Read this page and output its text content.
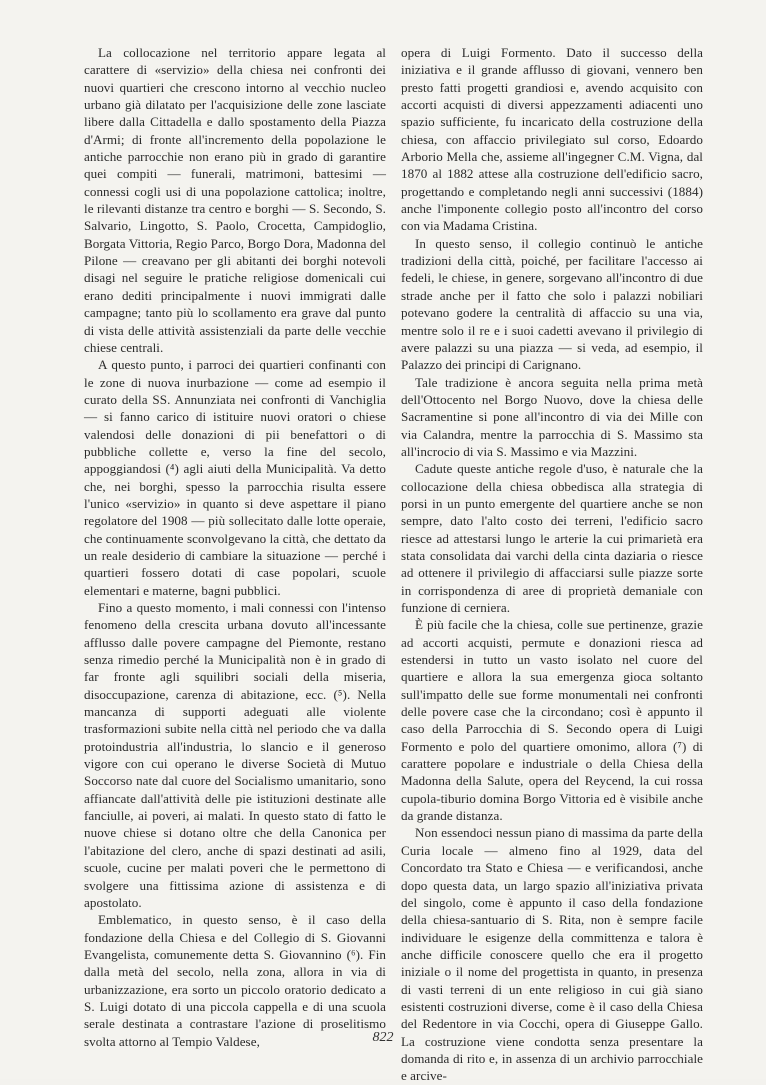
La collocazione nel territorio appare legata al carattere di «servizio» della chiesa nei confronti dei nuovi quartieri che crescono intorno al vecchio nucleo urbano già dilatato per l'acquisizione delle zone lasciate libere dalla Cittadella e dallo spostamento della Piazza d'Armi; di fronte all'incremento della popolazione le antiche parrocchie non erano più in grado di garantire quei compiti — funerali, matrimoni, battesimi — connessi cogli usi di una popolazione cattolica; inoltre, le rilevanti distanze tra centro e borghi — S. Secondo, S. Salvario, Lingotto, S. Paolo, Crocetta, Campidoglio, Borgata Vittoria, Regio Parco, Borgo Dora, Madonna del Pilone — creavano per gli abitanti dei borghi notevoli disagi nel seguire le pratiche religiose domenicali cui erano dediti principalmente i nuovi immigrati dalle campagne; tanto più lo scollamento era grave dal punto di vista delle attività assistenziali da parte delle vecchie chiese centrali.

A questo punto, i parroci dei quartieri confinanti con le zone di nuova inurbazione — come ad esempio il curato della SS. Annunziata nei confronti di Vanchiglia — si fanno carico di istituire nuovi oratori o chiese valendosi delle donazioni di pii benefattori o di pubbliche collette e, verso la fine del secolo, appoggiandosi (⁴) agli aiuti della Municipalità. Va detto che, nei borghi, spesso la parrocchia risulta essere l'unico «servizio» in quanto si deve aspettare il piano regolatore del 1908 — più sollecitato dalle lotte operaie, che continuamente sconvolgevano la città, che dettato da un reale desiderio di cambiare la situazione — perché i quartieri fossero dotati di case popolari, scuole elementari e materne, bagni pubblici.

Fino a questo momento, i mali connessi con l'intenso fenomeno della crescita urbana dovuto all'incessante afflusso dalle povere campagne del Piemonte, restano senza rimedio perché la Municipalità non è in grado di far fronte agli squilibri sociali della miseria, disoccupazione, carenza di abitazione, ecc. (⁵). Nella mancanza di supporti adeguati alle violente trasformazioni subite nella città nel periodo che va dalla protoindustria all'industria, lo slancio e il generoso vigore con cui operano le diverse Società di Mutuo Soccorso nate dal cuore del Socialismo umanitario, sono affiancate dall'attività delle pie istituzioni destinate alle fanciulle, ai poveri, ai malati. In questo stato di fatto le nuove chiese si dotano oltre che della Canonica per l'abitazione del clero, anche di spazi destinati ad asili, scuole, cucine per malati poveri che le permettono di svolgere una fittissima azione di assistenza e di apostolato.

Emblematico, in questo senso, è il caso della fondazione della Chiesa e del Collegio di S. Giovanni Evangelista, comunemente detta S. Giovannino (⁶). Fin dalla metà del secolo, nella zona, allora in via di urbanizzazione, era sorto un piccolo oratorio dedicato a S. Luigi dotato di una piccola cappella e di una scuola serale destinata a contrastare l'azione di proselitismo svolta attorno al Tempio Valdese,

opera di Luigi Formento. Dato il successo della iniziativa e il grande afflusso di giovani, vennero ben presto fatti progetti grandiosi e, avendo acquisito con accorti acquisti di diversi appezzamenti adiacenti uno spazio sufficiente, fu incaricato della costruzione della chiesa, con affaccio privilegiato sul corso, Edoardo Arborio Mella che, assieme all'ingegner C.M. Vigna, dal 1870 al 1882 attese alla costruzione dell'edificio sacro, progettando e completando negli anni successivi (1884) anche l'imponente collegio posto all'incontro del corso con via Madama Cristina.

In questo senso, il collegio continuò le antiche tradizioni della città, poiché, per facilitare l'accesso ai fedeli, le chiese, in genere, sorgevano all'incontro di due strade anche per il fatto che solo i palazzi nobiliari potevano godere la centralità di affaccio su una via, mentre solo il re e i suoi cadetti avevano il privilegio di avere palazzi su una piazza — si veda, ad esempio, il Palazzo dei principi di Carignano.

Tale tradizione è ancora seguita nella prima metà dell'Ottocento nel Borgo Nuovo, dove la chiesa delle Sacramentine si pone all'incontro di via dei Mille con via Calandra, mentre la parrocchia di S. Massimo sta all'incrocio di via S. Massimo e via Mazzini.

Cadute queste antiche regole d'uso, è naturale che la collocazione della chiesa obbedisca alla strategia di porsi in un punto emergente del quartiere anche se non sempre, dato l'alto costo dei terreni, l'edificio sacro riesce ad attestarsi lungo le arterie la cui primarietà era stata consolidata dai varchi della cinta daziaria o riesce ad ottenere il privilegio di affacciarsi sulle piazze sorte in corrispondenza di aree di proprietà demaniale con funzione di cerniera.

È più facile che la chiesa, colle sue pertinenze, grazie ad accorti acquisti, permute e donazioni riesca ad estendersi in tutto un vasto isolato nel cuore del quartiere e allora la sua emergenza gioca soltanto sull'impatto delle sue forme monumentali nei confronti delle povere case che la circondano; così è appunto il caso della Parrocchia di S. Secondo opera di Luigi Formento e polo del quartiere omonimo, allora (⁷) di carattere popolare e industriale o della Chiesa della Madonna della Salute, opera del Reycend, la cui rossa cupola-tiburio domina Borgo Vittoria ed è visibile anche da grande distanza.

Non essendoci nessun piano di massima da parte della Curia locale — almeno fino al 1929, data del Concordato tra Stato e Chiesa — e verificandosi, anche dopo questa data, un largo spazio all'iniziativa privata del singolo, come è appunto il caso della fondazione della chiesa-santuario di S. Rita, non è sempre facile individuare le esigenze della committenza e talora è anche difficile conoscere quello che era il progetto iniziale o il nome del progettista in quanto, in presenza di vasti terreni di un ente religioso in cui già siano esistenti costruzioni diverse, come è il caso della Chiesa del Redentore in via Cocchi, opera di Giuseppe Gallo. La costruzione viene condotta senza presentare la domanda di rito e, in assenza di un archivio parrocchiale e arcive-

822
